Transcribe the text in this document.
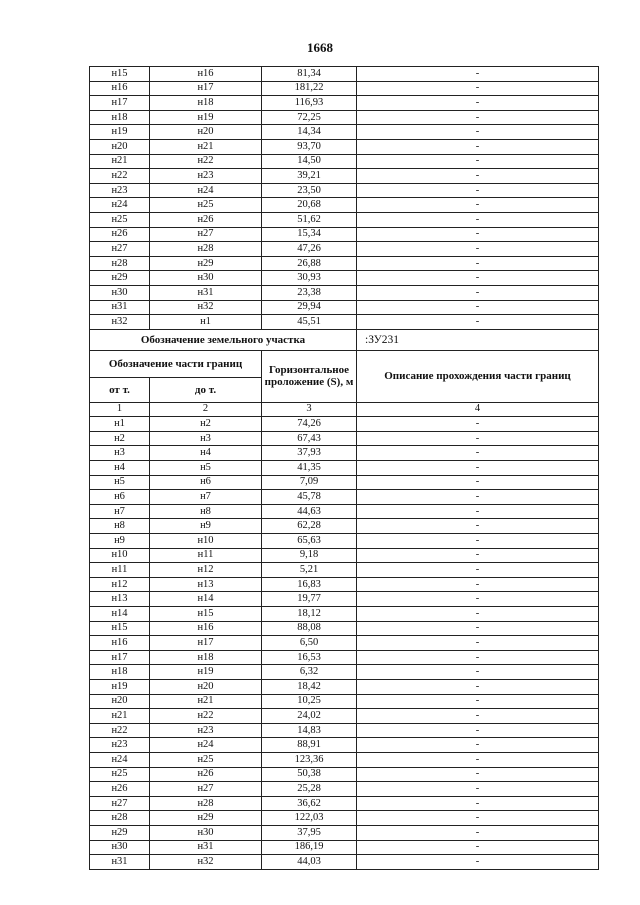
1668
н15	н16	81,34	-
н16	н17	181,22	-
н17	н18	116,93	-
н18	н19	72,25	-
н19	н20	14,34	-
н20	н21	93,70	-
н21	н22	14,50	-
н22	н23	39,21	-
н23	н24	23,50	-
н24	н25	20,68	-
н25	н26	51,62	-
н26	н27	15,34	-
н27	н28	47,26	-
н28	н29	26,88	-
н29	н30	30,93	-
н30	н31	23,38	-
н31	н32	29,94	-
н32	н1	45,51	-
Обозначение земельного участка			:ЗУ231
Обозначение части границ		Горизонтальное проложение (S), м	Описание прохождения части границ
от т.	до т.		
1	2	3	4
н1	н2	74,26	-
н2	н3	67,43	-
н3	н4	37,93	-
н4	н5	41,35	-
н5	н6	7,09	-
н6	н7	45,78	-
н7	н8	44,63	-
н8	н9	62,28	-
н9	н10	65,63	-
н10	н11	9,18	-
н11	н12	5,21	-
н12	н13	16,83	-
н13	н14	19,77	-
н14	н15	18,12	-
н15	н16	88,08	-
н16	н17	6,50	-
н17	н18	16,53	-
н18	н19	6,32	-
н19	н20	18,42	-
н20	н21	10,25	-
н21	н22	24,02	-
н22	н23	14,83	-
н23	н24	88,91	-
н24	н25	123,36	-
н25	н26	50,38	-
н26	н27	25,28	-
н27	н28	36,62	-
н28	н29	122,03	-
н29	н30	37,95	-
н30	н31	186,19	-
н31	н32	44,03	-
